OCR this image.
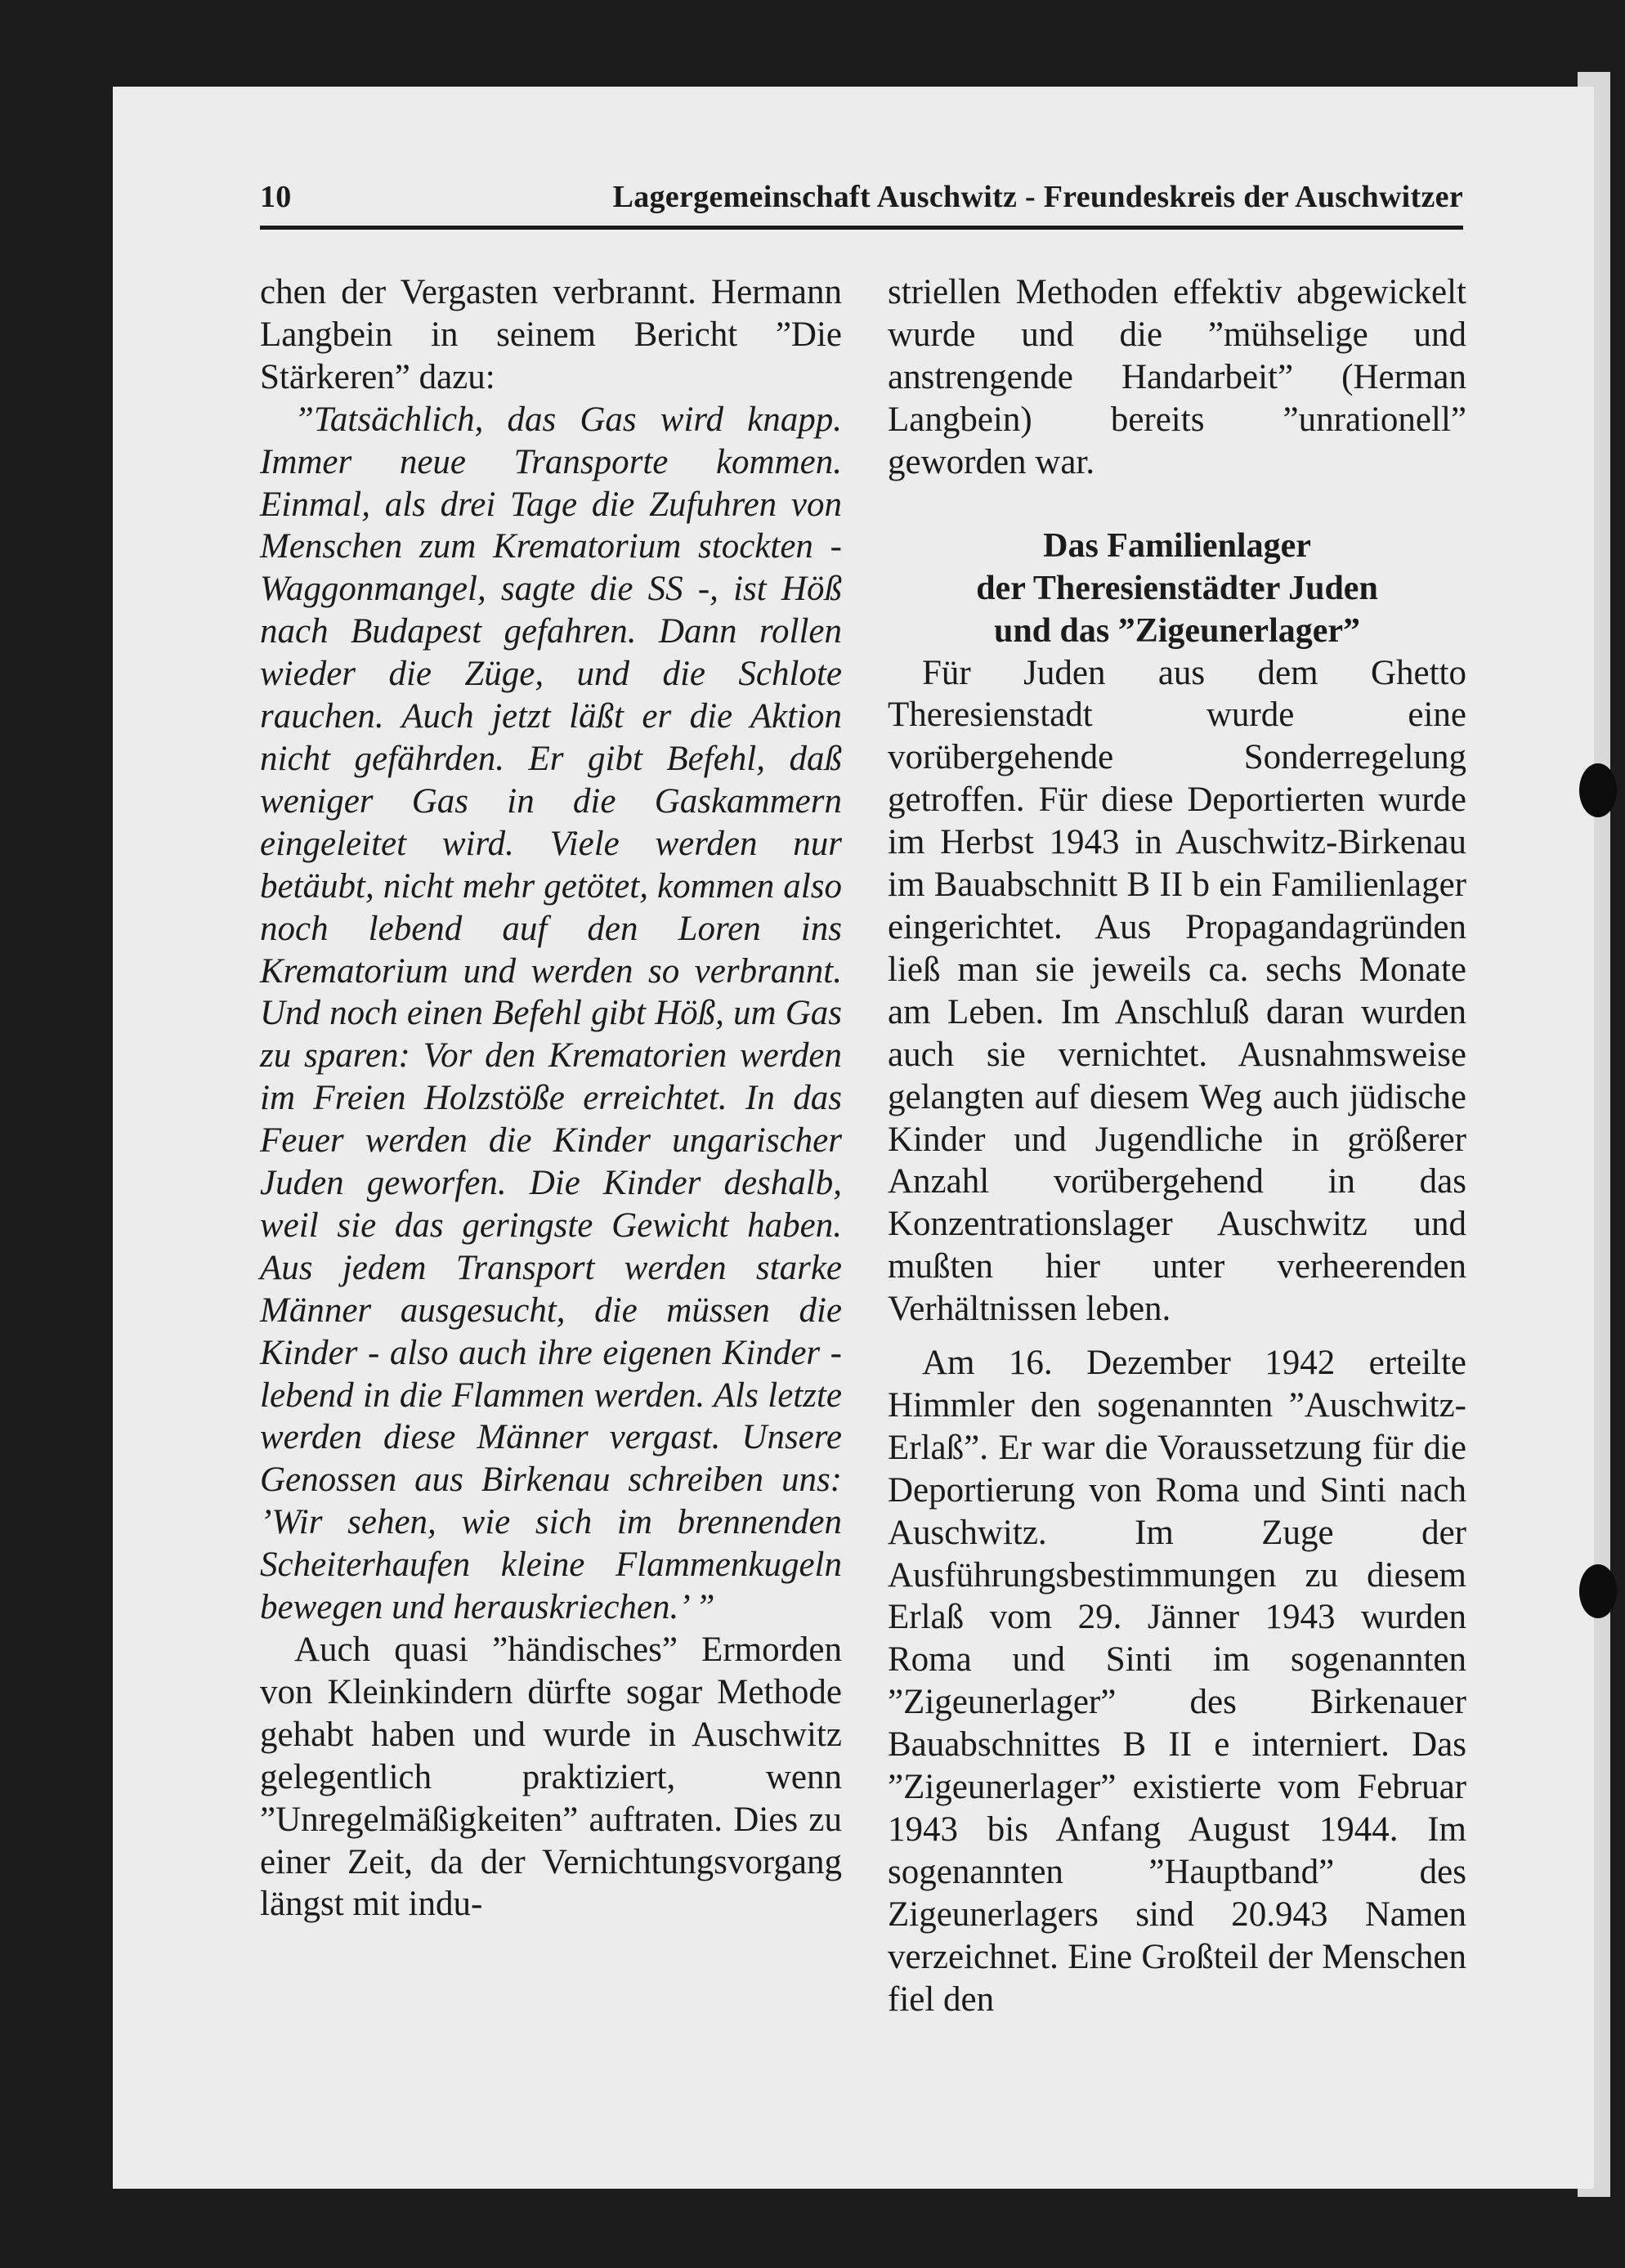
10	Lagergemeinschaft Auschwitz - Freundeskreis der Auschwitzer

chen der Vergasten verbrannt. Hermann Langbein in seinem Bericht ”Die Stärkeren” dazu:

”Tatsächlich, das Gas wird knapp. Immer neue Transporte kommen. Einmal, als drei Tage die Zufuhren von Menschen zum Krematorium stockten - Waggonmangel, sagte die SS -, ist Höß nach Budapest gefahren. Dann rollen wieder die Züge, und die Schlote rauchen. Auch jetzt läßt er die Aktion nicht gefährden. Er gibt Befehl, daß weniger Gas in die Gaskammern eingeleitet wird. Viele werden nur betäubt, nicht mehr getötet, kommen also noch lebend auf den Loren ins Krematorium und werden so verbrannt. Und noch einen Befehl gibt Höß, um Gas zu sparen: Vor den Krematorien werden im Freien Holzstöße erreichtet. In das Feuer werden die Kinder ungarischer Juden geworfen. Die Kinder deshalb, weil sie das geringste Gewicht haben. Aus jedem Transport werden starke Männer ausgesucht, die müssen die Kinder - also auch ihre eigenen Kinder - lebend in die Flammen werden. Als letzte werden diese Männer vergast. Unsere Genossen aus Birkenau schreiben uns: ’Wir sehen, wie sich im brennenden Scheiterhaufen kleine Flammenkugeln bewegen und herauskriechen.’ ”

Auch quasi ”händisches” Ermorden von Kleinkindern dürfte sogar Methode gehabt haben und wurde in Auschwitz gelegentlich praktiziert, wenn ”Unregelmäßigkeiten” auftraten. Dies zu einer Zeit, da der Vernichtungsvorgang längst mit indu-

striellen Methoden effektiv abgewickelt wurde und die ”mühselige und anstrengende Handarbeit” (Herman Langbein) bereits ”unrationell” geworden war.

Das Familienlager
der Theresienstädter Juden
und das ”Zigeunerlager”

Für Juden aus dem Ghetto Theresienstadt wurde eine vorübergehende Sonderregelung getroffen. Für diese Deportierten wurde im Herbst 1943 in Auschwitz-Birkenau im Bauabschnitt B II b ein Familienlager eingerichtet. Aus Propagandagründen ließ man sie jeweils ca. sechs Monate am Leben. Im Anschluß daran wurden auch sie vernichtet. Ausnahmsweise gelangten auf diesem Weg auch jüdische Kinder und Jugendliche in größerer Anzahl vorübergehend in das Konzentrationslager Auschwitz und mußten hier unter verheerenden Verhältnissen leben.

Am 16. Dezember 1942 erteilte Himmler den sogenannten ”Auschwitz-Erlaß”. Er war die Voraussetzung für die Deportierung von Roma und Sinti nach Auschwitz. Im Zuge der Ausführungsbestimmungen zu diesem Erlaß vom 29. Jänner 1943 wurden Roma und Sinti im sogenannten ”Zigeunerlager” des Birkenauer Bauabschnittes B II e interniert. Das ”Zigeunerlager” existierte vom Februar 1943 bis Anfang August 1944. Im sogenannten ”Hauptband” des Zigeunerlagers sind 20.943 Namen verzeichnet. Eine Großteil der Menschen fiel den
